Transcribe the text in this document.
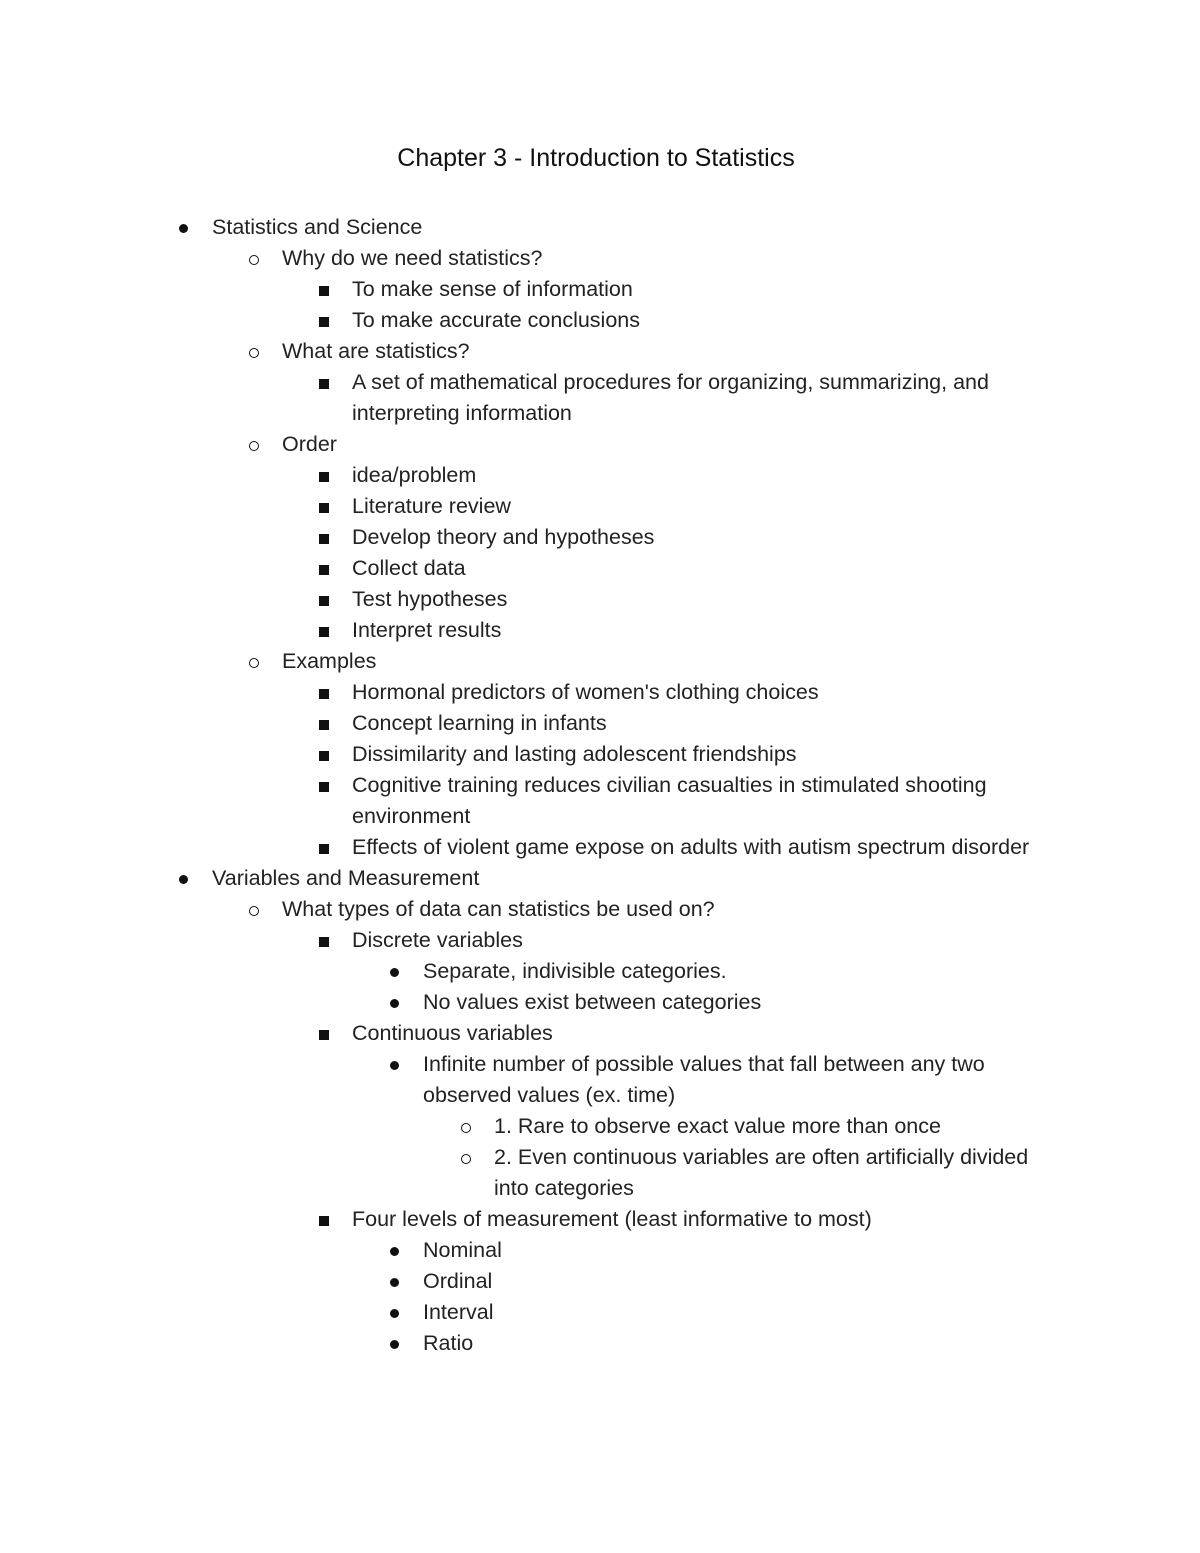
Chapter 3 - Introduction to Statistics
Statistics and Science
Why do we need statistics?
To make sense of information
To make accurate conclusions
What are statistics?
A set of mathematical procedures for organizing, summarizing, and interpreting information
Order
idea/problem
Literature review
Develop theory and hypotheses
Collect data
Test hypotheses
Interpret results
Examples
Hormonal predictors of women's clothing choices
Concept learning in infants
Dissimilarity and lasting adolescent friendships
Cognitive training reduces civilian casualties in stimulated shooting environment
Effects of violent game expose on adults with autism spectrum disorder
Variables and Measurement
What types of data can statistics be used on?
Discrete variables
Separate, indivisible categories.
No values exist between categories
Continuous variables
Infinite number of possible values that fall between any two observed values (ex. time)
1. Rare to observe exact value more than once
2. Even continuous variables are often artificially divided into categories
Four levels of measurement (least informative to most)
Nominal
Ordinal
Interval
Ratio
